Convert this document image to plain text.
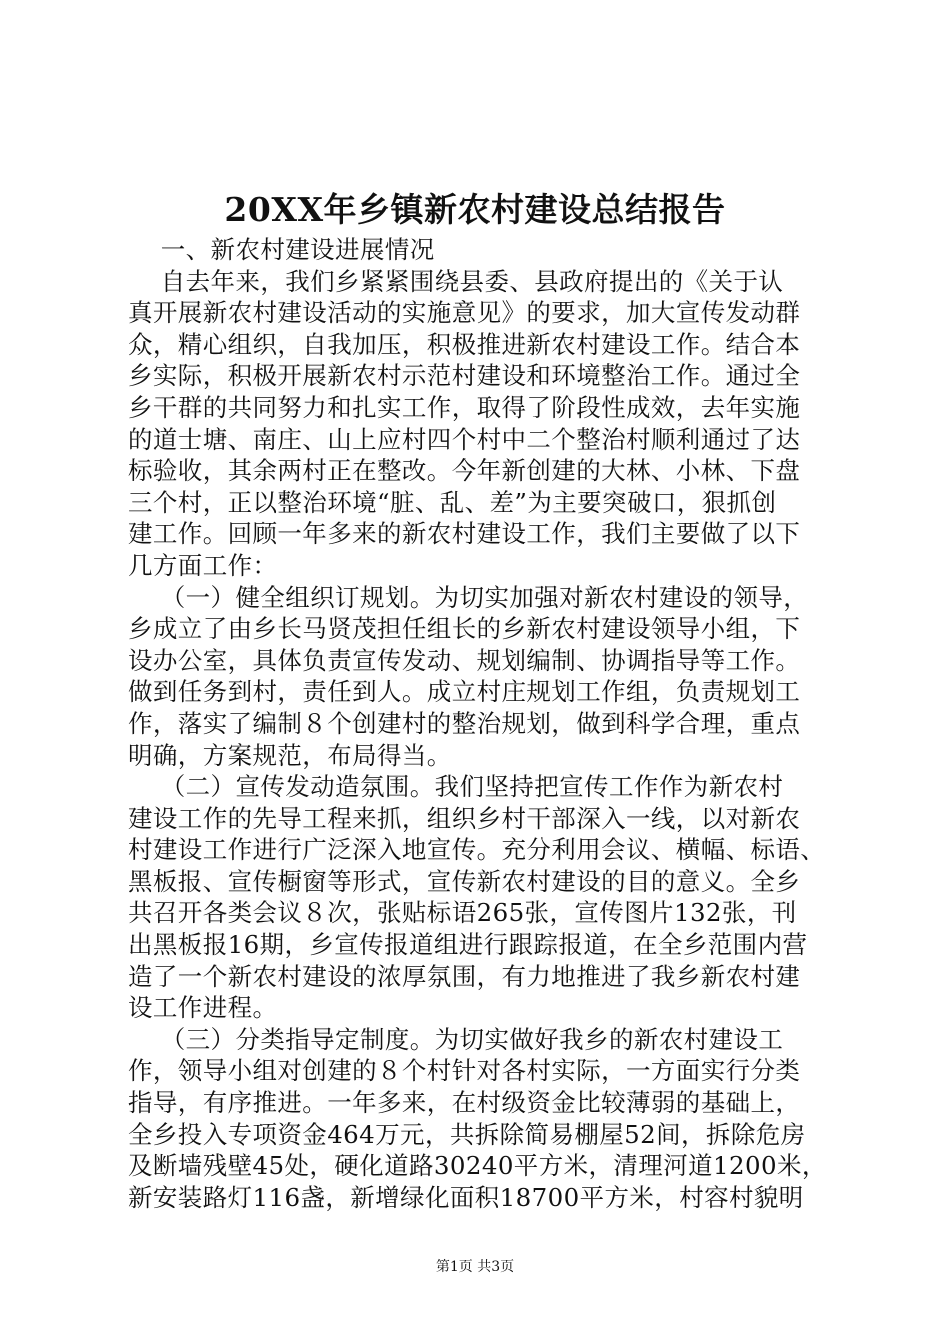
20XX年乡镇新农村建设总结报告
一、新农村建设进展情况
自去年来，我们乡紧紧围绕县委、县政府提出的《关于认
真开展新农村建设活动的实施意见》的要求，加大宣传发动群
众，精心组织，自我加压，积极推进新农村建设工作。结合本
乡实际，积极开展新农村示范村建设和环境整治工作。通过全
乡干群的共同努力和扎实工作，取得了阶段性成效，去年实施
的道士塘、南庄、山上应村四个村中二个整治村顺利通过了达
标验收，其余两村正在整改。今年新创建的大林、小林、下盘
三个村，正以整治环境“脏、乱、差”为主要突破口，狠抓创
建工作。回顾一年多来的新农村建设工作，我们主要做了以下
几方面工作：
（一）健全组织订规划。为切实加强对新农村建设的领导，
乡成立了由乡长马贤茂担任组长的乡新农村建设领导小组，下
设办公室，具体负责宣传发动、规划编制、协调指导等工作。
做到任务到村，责任到人。成立村庄规划工作组，负责规划工
作，落实了编制８个创建村的整治规划，做到科学合理，重点
明确，方案规范，布局得当。
（二）宣传发动造氛围。我们坚持把宣传工作作为新农村
建设工作的先导工程来抓，组织乡村干部深入一线，以对新农
村建设工作进行广泛深入地宣传。充分利用会议、横幅、标语、
黑板报、宣传橱窗等形式，宣传新农村建设的目的意义。全乡
共召开各类会议８次，张贴标语265张，宣传图片132张，刊
出黑板报16期，乡宣传报道组进行跟踪报道，在全乡范围内营
造了一个新农村建设的浓厚氛围，有力地推进了我乡新农村建
设工作进程。
（三）分类指导定制度。为切实做好我乡的新农村建设工
作，领导小组对创建的８个村针对各村实际，一方面实行分类
指导，有序推进。一年多来，在村级资金比较薄弱的基础上，
全乡投入专项资金464万元，共拆除简易棚屋52间，拆除危房
及断墙残壁45处，硬化道路30240平方米，清理河道1200米，
新安装路灯116盏，新增绿化面积18700平方米，村容村貌明
第1页 共3页
